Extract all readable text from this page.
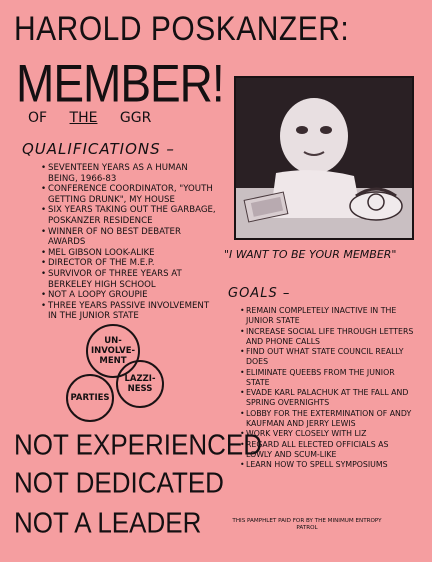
HAROLD POSKANZER:
MEMBER!
OF THE GGR
QUALIFICATIONS –
• SEVENTEEN YEARS AS A HUMAN BEING, 1966-83
• CONFERENCE COORDINATOR, "YOUTH GETTING DRUNK", MY HOUSE
• SIX YEARS TAKING OUT THE GARBAGE, POSKANZER RESIDENCE
• WINNER OF NO BEST DEBATER AWARDS
• MEL GIBSON LOOK-ALIKE
• DIRECTOR OF THE M.E.P.
• SURVIVOR OF THREE YEARS AT BERKELEY HIGH SCHOOL
• NOT A LOOPY GROUPIE
• THREE YEARS PASSIVE INVOLVEMENT IN THE JUNIOR STATE
"I WANT TO BE YOUR MEMBER"
GOALS –
• REMAIN COMPLETELY INACTIVE IN THE JUNIOR STATE
• INCREASE SOCIAL LIFE THROUGH LETTERS AND PHONE CALLS
• FIND OUT WHAT STATE COUNCIL REALLY DOES
• ELIMINATE QUEEBS FROM THE JUNIOR STATE
• EVADE KARL PALACHUK AT THE FALL AND SPRING OVERNIGHTS
• LOBBY FOR THE EXTERMINATION OF ANDY KAUFMAN AND JERRY LEWIS
• WORK VERY CLOSELY WITH LIZ
• REGARD ALL ELECTED OFFICIALS AS LOWLY AND SCUM-LIKE
• LEARN HOW TO SPELL SYMPOSIUMS
UN-INVOLVE-MENT
PARTIES
LAZZI-NESS
NOT EXPERIENCED
NOT DEDICATED
NOT A LEADER	THIS PAMPHLET PAID FOR BY THE MINIMUM ENTROPY PATROL
